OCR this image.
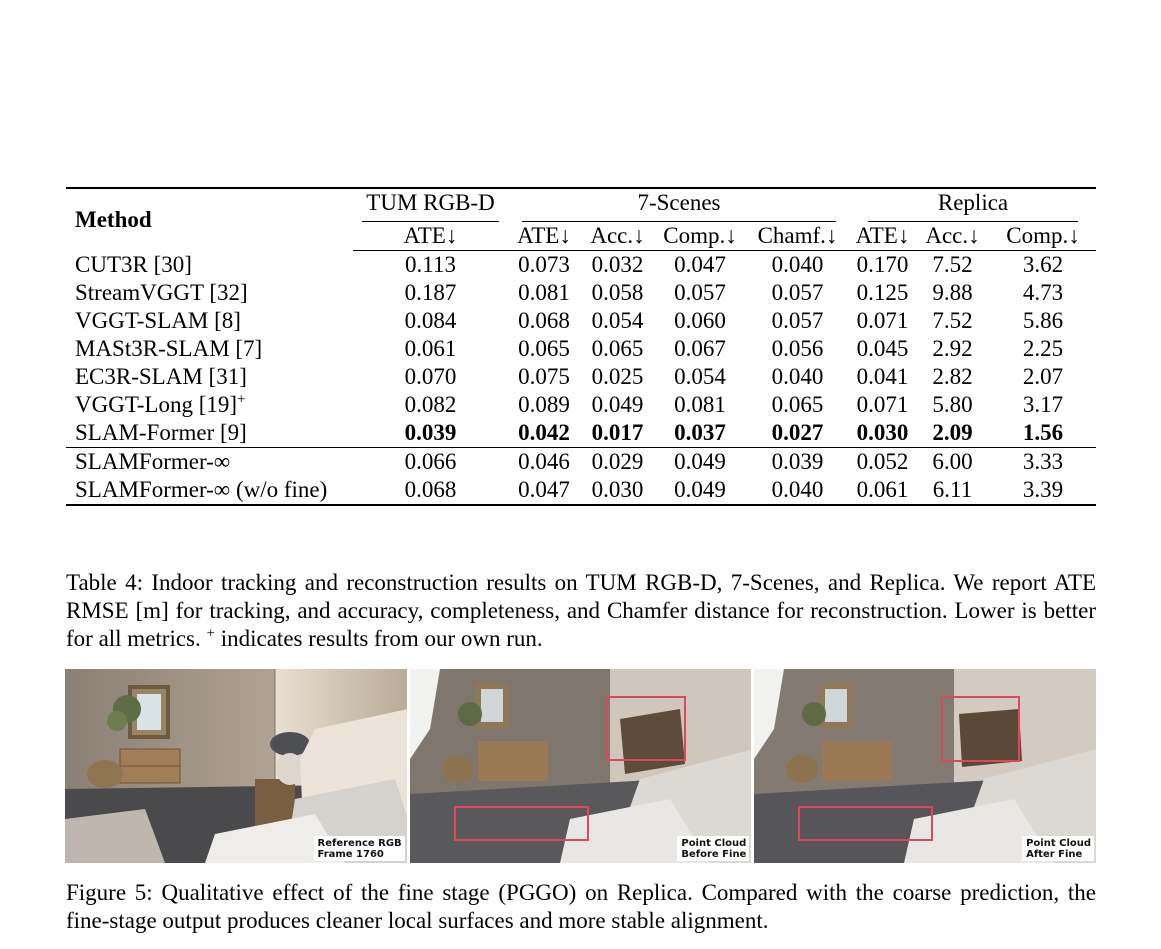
Method	TUM RGB-D	7-Scenes				Replica		
	ATE↓	ATE↓	Acc.↓	Comp.↓	Chamf.↓	ATE↓	Acc.↓	Comp.↓
CUT3R [30]	0.113	0.073	0.032	0.047	0.040	0.170	7.52	3.62
StreamVGGT [32]	0.187	0.081	0.058	0.057	0.057	0.125	9.88	4.73
VGGT-SLAM [8]	0.084	0.068	0.054	0.060	0.057	0.071	7.52	5.86
MASt3R-SLAM [7]	0.061	0.065	0.065	0.067	0.056	0.045	2.92	2.25
EC3R-SLAM [31]	0.070	0.075	0.025	0.054	0.040	0.041	2.82	2.07
VGGT-Long [19]+	0.082	0.089	0.049	0.081	0.065	0.071	5.80	3.17
SLAM-Former [9]	0.039	0.042	0.017	0.037	0.027	0.030	2.09	1.56
SLAMFormer-∞	0.066	0.046	0.029	0.049	0.039	0.052	6.00	3.33
SLAMFormer-∞ (w/o fine)	0.068	0.047	0.030	0.049	0.040	0.061	6.11	3.39
Table 4: Indoor tracking and reconstruction results on TUM RGB-D, 7-Scenes, and Replica. We report ATE RMSE [m] for tracking, and accuracy, completeness, and Chamfer distance for reconstruction. Lower is better for all metrics. + indicates results from our own run.
Reference RGB
Frame 1760
Point Cloud
Before Fine
Point Cloud
After Fine
Figure 5: Qualitative effect of the fine stage (PGGO) on Replica. Compared with the coarse prediction, the fine-stage output produces cleaner local surfaces and more stable alignment.
